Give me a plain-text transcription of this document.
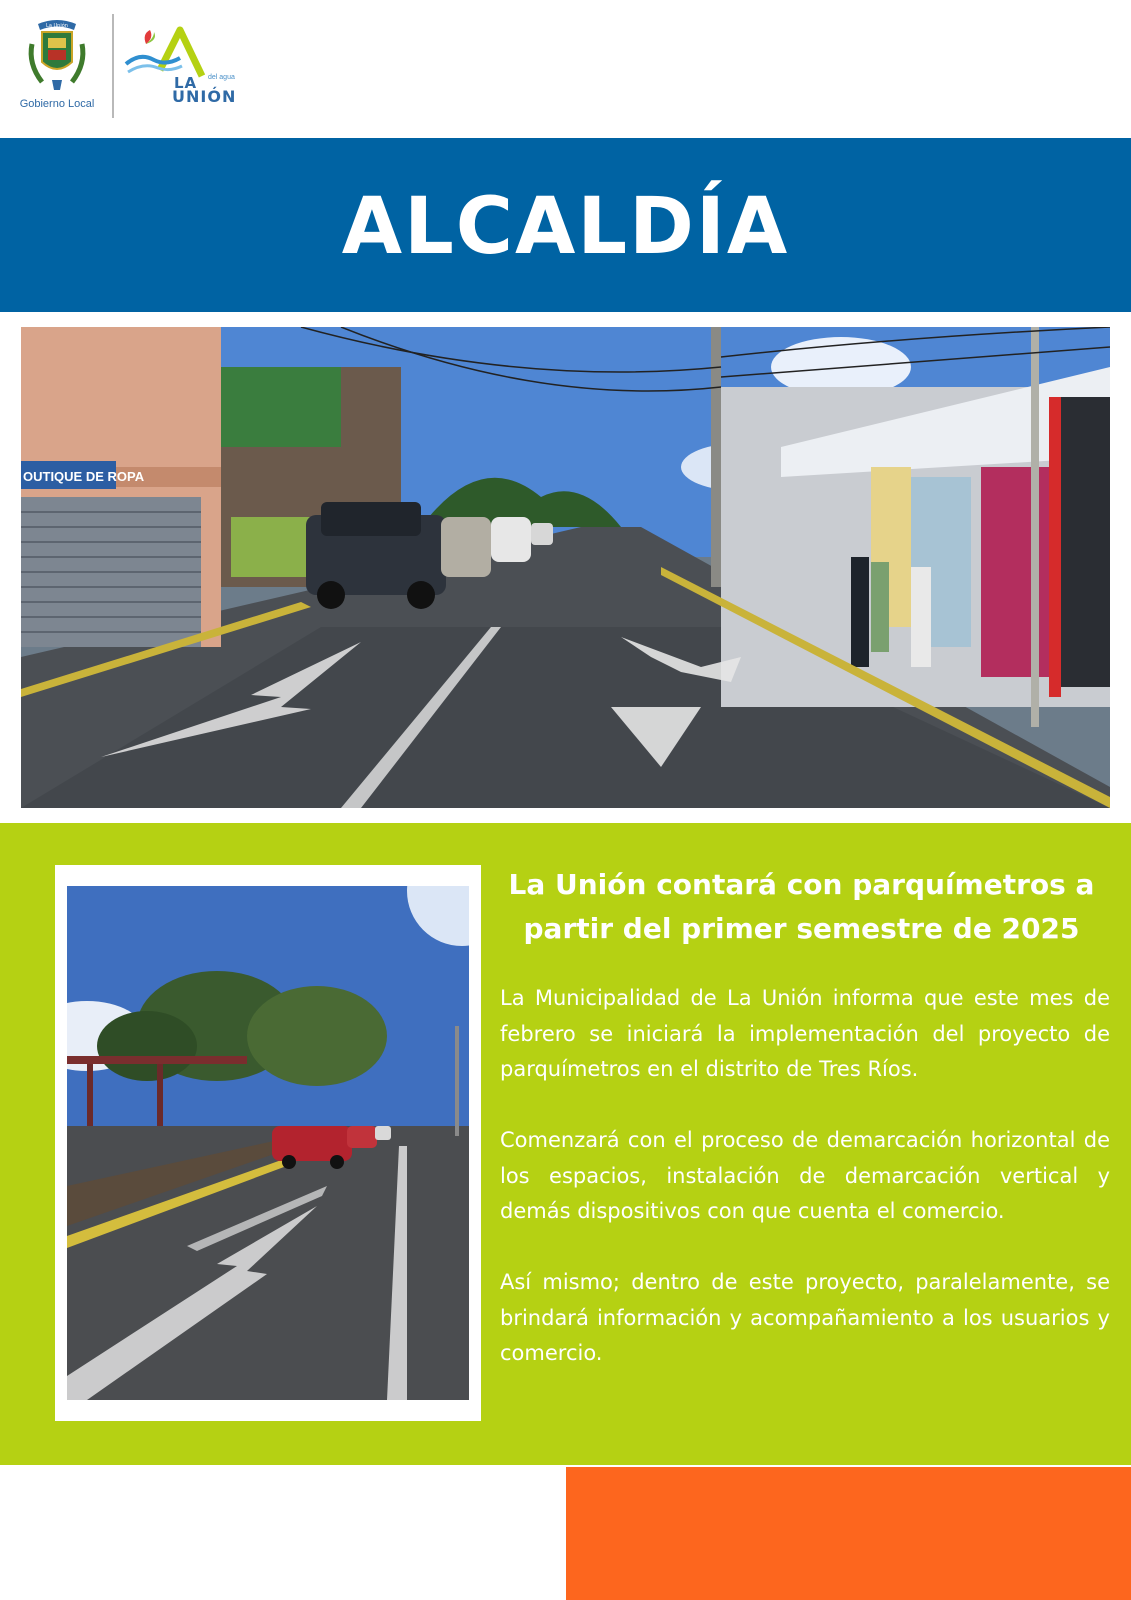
La Unión
Gobierno Local
LA del agua
UNIÓN
ALCALDÍA
OUTIQUE DE ROPA
La Unión contará con parquímetros a partir del primer semestre de 2025

La Municipalidad de La Unión informa que este mes de febrero se iniciará la implementación del proyecto de parquímetros en el distrito de Tres Ríos.

Comenzará con el proceso de demarcación horizontal de los espacios, instalación de demarcación vertical y demás dispositivos con que cuenta el comercio.

Así mismo; dentro de este proyecto, paralelamente, se brindará información y acompañamiento a los usuarios y comercio.
